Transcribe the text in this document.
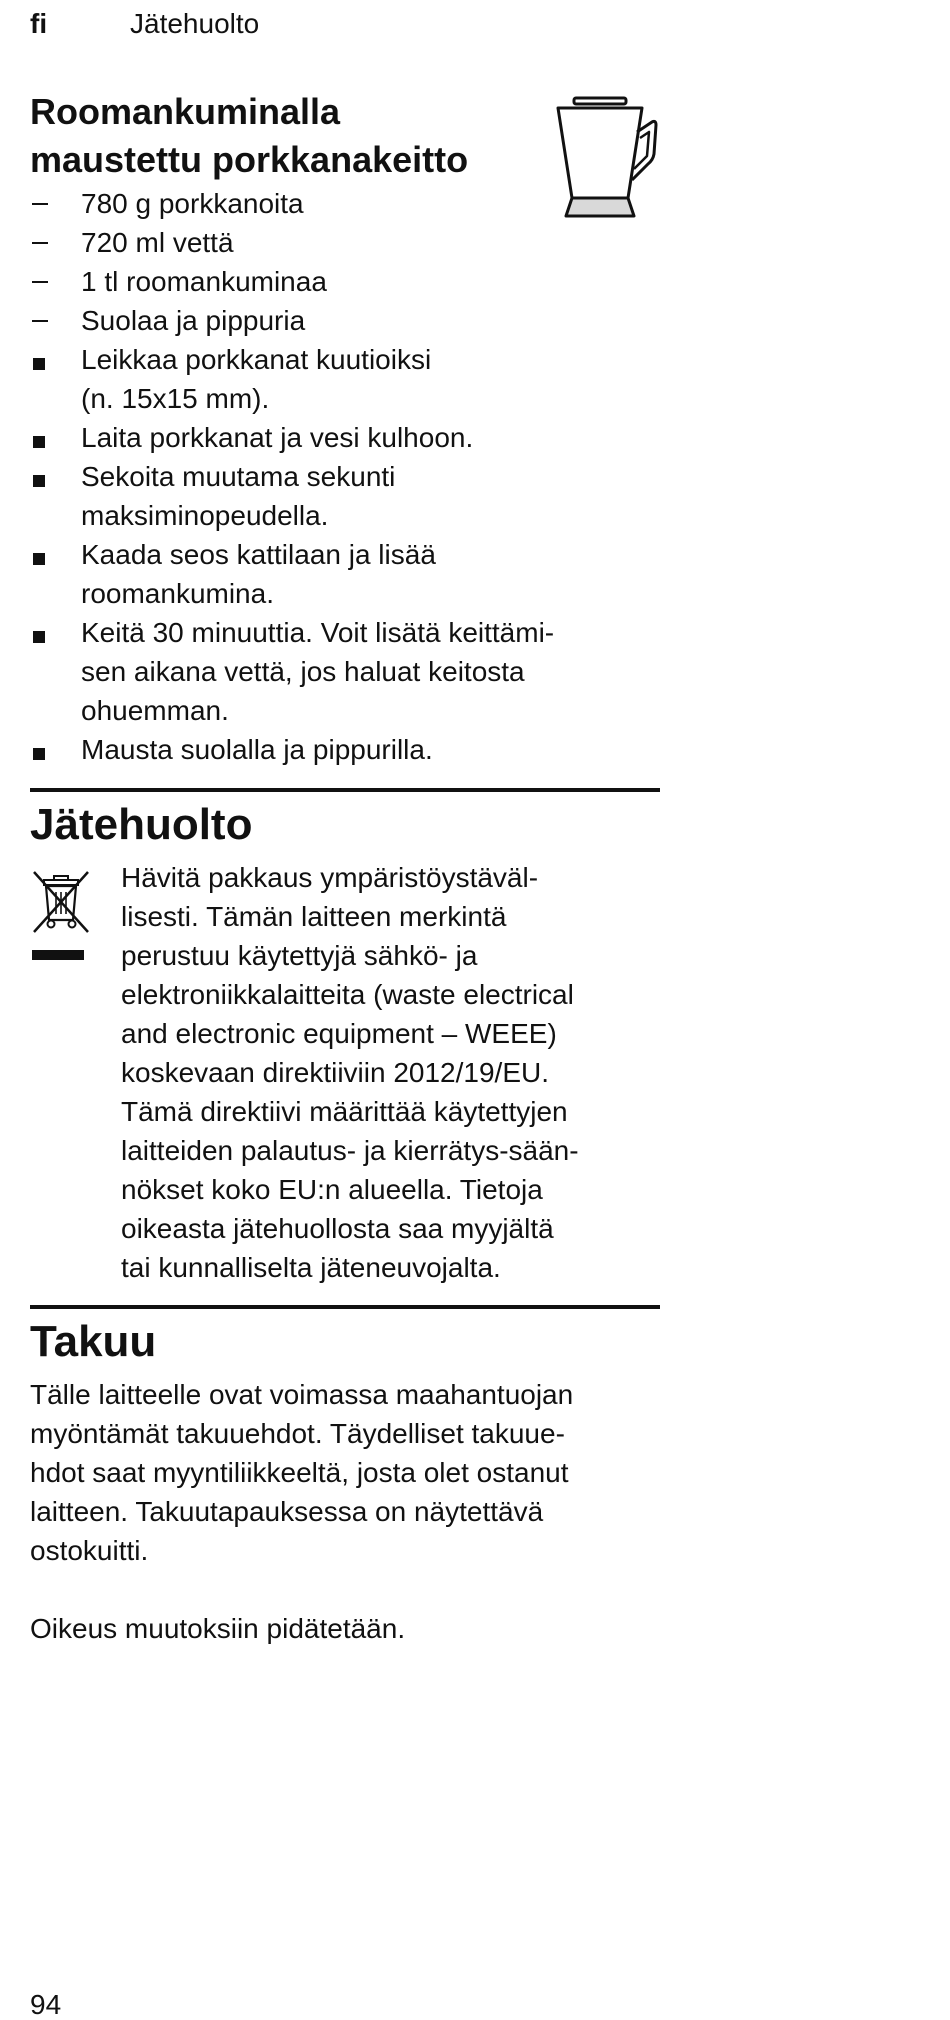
fi	Jätehuolto
Roomankuminalla
maustettu porkkanakeitto
780 g porkkanoita
720 ml vettä
1 tl roomankuminaa
Suolaa ja pippuria
Leikkaa porkkanat kuutioiksi
(n. 15x15 mm).
Laita porkkanat ja vesi kulhoon.
Sekoita muutama sekunti
maksiminopeudella.
Kaada seos kattilaan ja lisää
roomankumina.
Keitä 30 minuuttia. Voit lisätä keittämi-
sen aikana vettä, jos haluat keitosta
ohuemman.
Mausta suolalla ja pippurilla.
Jätehuolto

Hävitä pakkaus ympäristöystäväl-
lisesti. Tämän laitteen merkintä
perustuu käytettyjä sähkö- ja
elektroniikkalaitteita (waste electrical
and electronic equipment – WEEE)
koskevaan direktiiviin 2012/19/EU.
Tämä direktiivi määrittää käytettyjen
laitteiden palautus- ja kierrätys-sään-
nökset koko EU:n alueella. Tietoja
oikeasta jätehuollosta saa myyjältä
tai kunnalliselta jäteneuvojalta.

Takuu

Tälle laitteelle ovat voimassa maahantuojan
myöntämät takuuehdot. Täydelliset takuue-
hdot saat myyntiliikkeeltä, josta olet ostanut
laitteen. Takuutapauksessa on näytettävä
ostokuitti.

Oikeus muutoksiin pidätetään.

94
